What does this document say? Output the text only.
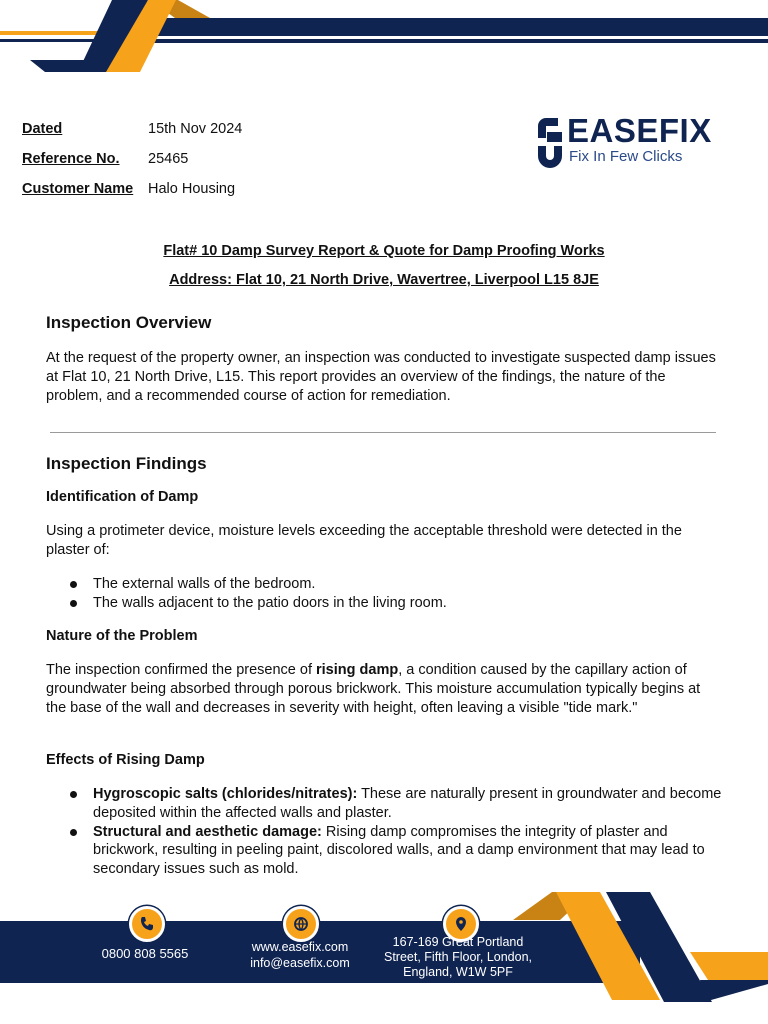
Dated	15th Nov 2024
Reference No. 25465
Customer Name Halo Housing
EASEFIX
Fix In Few Clicks
Flat# 10 Damp Survey Report & Quote for Damp Proofing Works
Address: Flat 10, 21 North Drive, Wavertree, Liverpool L15 8JE
Inspection Overview
At the request of the property owner, an inspection was conducted to investigate suspected damp issues at Flat 10, 21 North Drive, L15. This report provides an overview of the findings, the nature of the problem, and a recommended course of action for remediation.
Inspection Findings
Identification of Damp
Using a protimeter device, moisture levels exceeding the acceptable threshold were detected in the plaster of:
The external walls of the bedroom.
The walls adjacent to the patio doors in the living room.
Nature of the Problem
The inspection confirmed the presence of rising damp, a condition caused by the capillary action of groundwater being absorbed through porous brickwork. This moisture accumulation typically begins at the base of the wall and decreases in severity with height, often leaving a visible "tide mark."
Effects of Rising Damp
Hygroscopic salts (chlorides/nitrates): These are naturally present in groundwater and become deposited within the affected walls and plaster.
Structural and aesthetic damage: Rising damp compromises the integrity of plaster and brickwork, resulting in peeling paint, discolored walls, and a damp environment that may lead to secondary issues such as mold.
0800 808 5565	www.easefix.com
info@easefix.com
167-169 Great Portland
Street, Fifth Floor, London,
England, W1W 5PF
